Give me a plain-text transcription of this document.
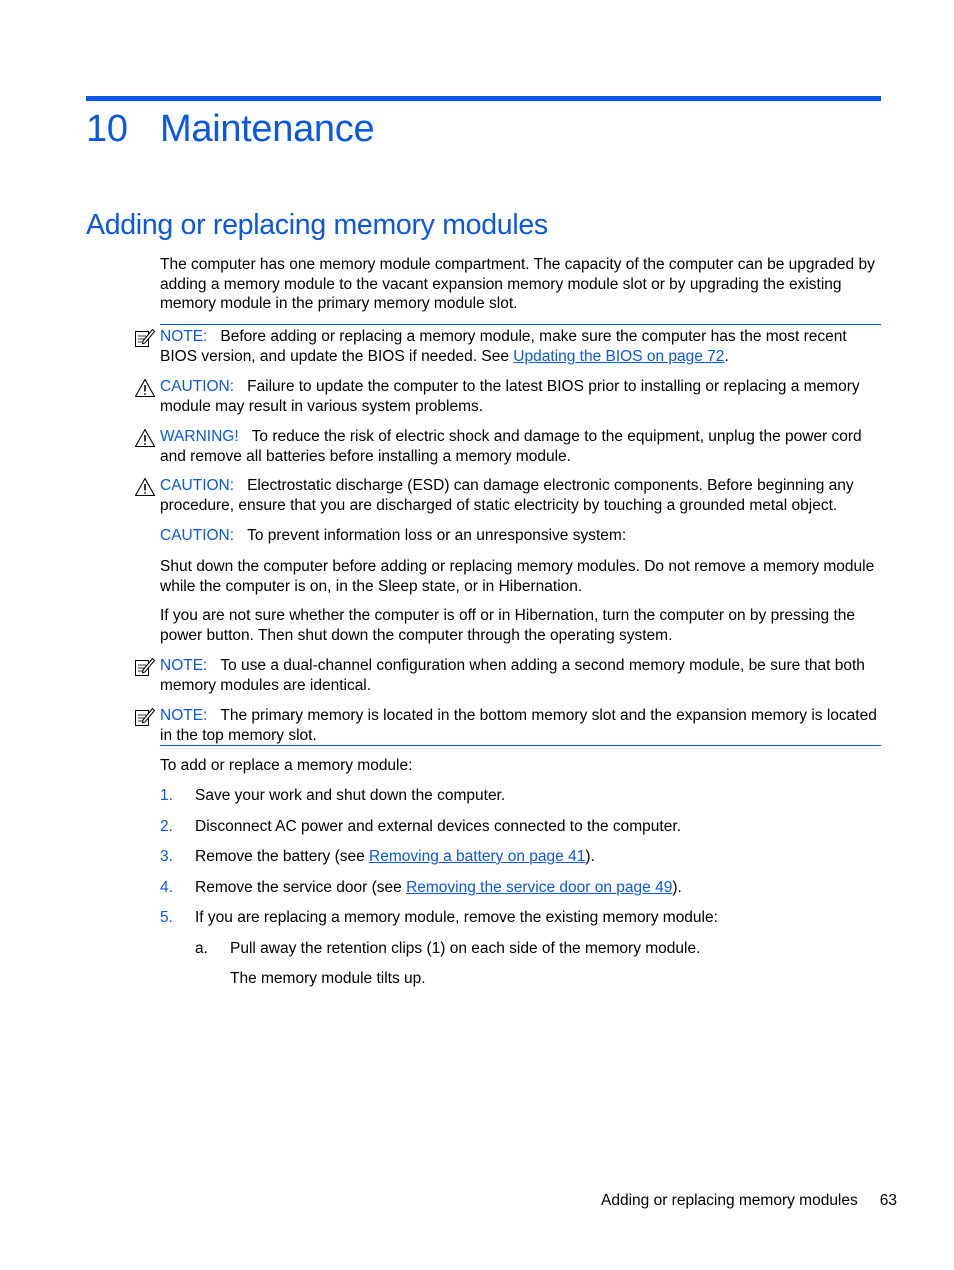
10 Maintenance
Adding or replacing memory modules
The computer has one memory module compartment. The capacity of the computer can be upgraded by adding a memory module to the vacant expansion memory module slot or by upgrading the existing memory module in the primary memory module slot.
NOTE: Before adding or replacing a memory module, make sure the computer has the most recent BIOS version, and update the BIOS if needed. See Updating the BIOS on page 72.
CAUTION: Failure to update the computer to the latest BIOS prior to installing or replacing a memory module may result in various system problems.
WARNING! To reduce the risk of electric shock and damage to the equipment, unplug the power cord and remove all batteries before installing a memory module.
CAUTION: Electrostatic discharge (ESD) can damage electronic components. Before beginning any procedure, ensure that you are discharged of static electricity by touching a grounded metal object.
CAUTION: To prevent information loss or an unresponsive system:
Shut down the computer before adding or replacing memory modules. Do not remove a memory module while the computer is on, in the Sleep state, or in Hibernation.
If you are not sure whether the computer is off or in Hibernation, turn the computer on by pressing the power button. Then shut down the computer through the operating system.
NOTE: To use a dual-channel configuration when adding a second memory module, be sure that both memory modules are identical.
NOTE: The primary memory is located in the bottom memory slot and the expansion memory is located in the top memory slot.
To add or replace a memory module:
1. Save your work and shut down the computer.
2. Disconnect AC power and external devices connected to the computer.
3. Remove the battery (see Removing a battery on page 41).
4. Remove the service door (see Removing the service door on page 49).
5. If you are replacing a memory module, remove the existing memory module:
a. Pull away the retention clips (1) on each side of the memory module.
The memory module tilts up.
Adding or replacing memory modules 63
